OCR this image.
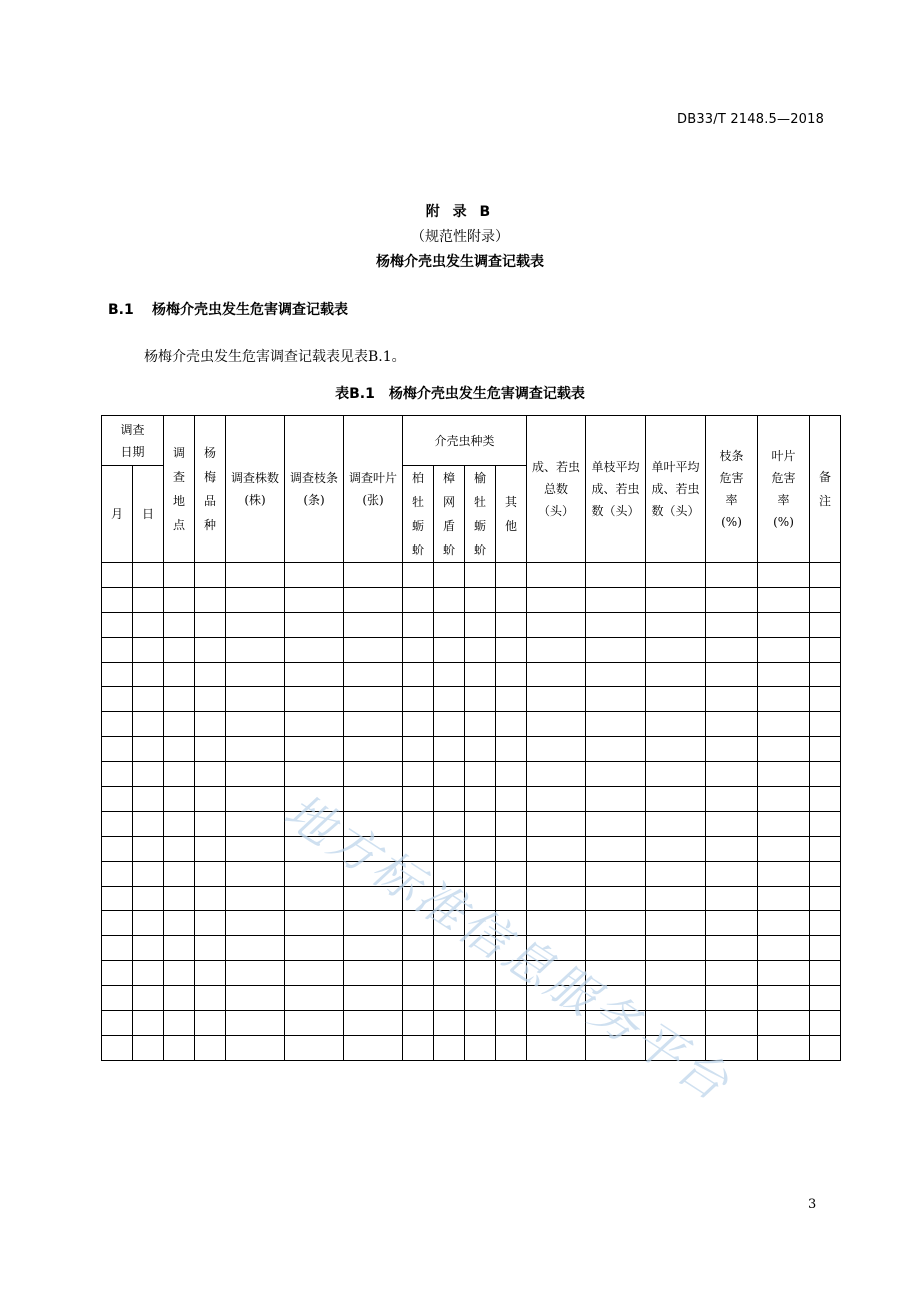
DB33/T 2148.5—2018
附 录 B
（规范性附录）
杨梅介壳虫发生调查记载表
B.1 杨梅介壳虫发生危害调查记载表
杨梅介壳虫发生危害调查记载表见表B.1。
表B.1 杨梅介壳虫发生危害调查记载表
调查日期		调查地点	杨梅品种	调查株数(株)	调查枝条(条)	调查叶片(张)	介壳虫种类				成、若虫总数（头）	单枝平均成、若虫数（头）	单叶平均成、若虫数（头）	枝条危害率(%)	叶片危害率(%)	备注
月	日						柏牡蛎蚧	樟网盾蚧	榆牡蛎蚧	其他						

地方标准信息服务平台
3
